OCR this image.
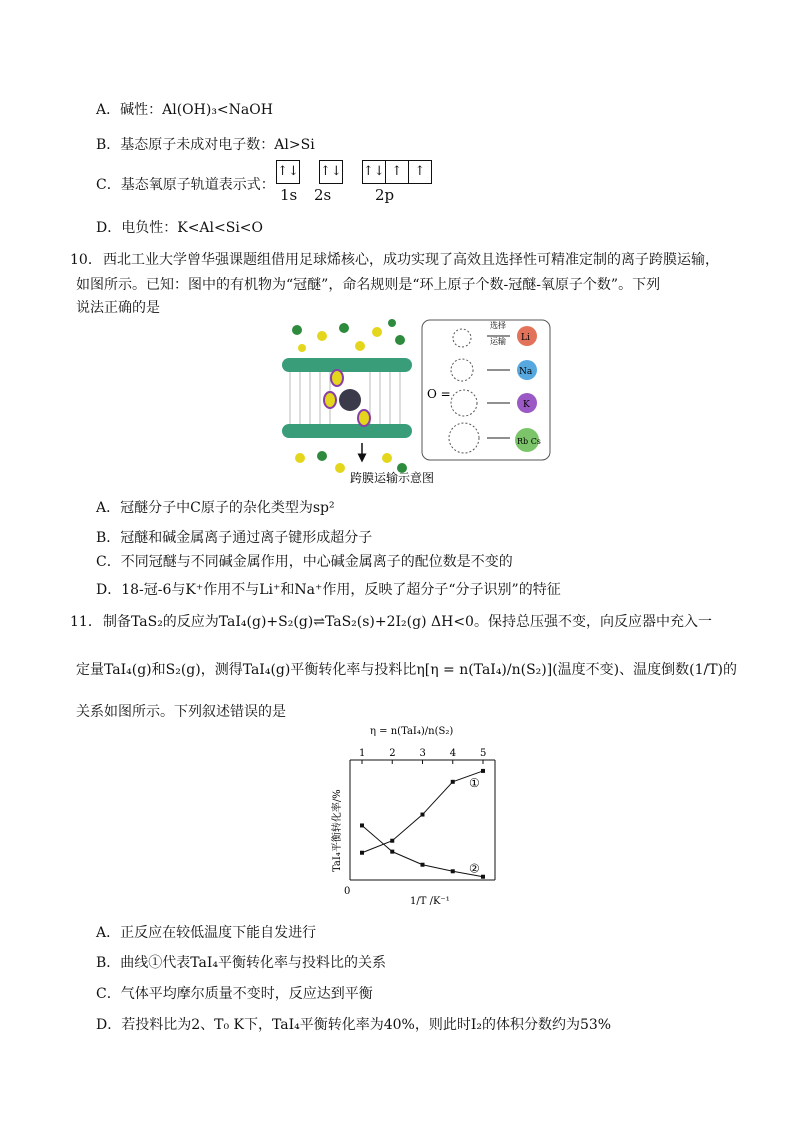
A．碱性：Al(OH)₃<NaOH
B．基态原子未成对电子数：Al>Si
C．基态氧原子轨道表示式：
↑↓ ↑↓ ↑↓ ↑ ↑
1s 2s	2p
D．电负性：K<Al<Si<O
10． 西北工业大学曾华强课题组借用足球烯核心，成功实现了高效且选择性可精准定制的离子跨膜运输，
如图所示。已知：图中的有机物为“冠醚”，命名规则是“环上原子个数-冠醚-氧原子个数”。下列
说法正确的是
O =
选择
运输 Li
Na
K
Rb Cs
跨膜运输示意图
A．冠醚分子中C原子的杂化类型为sp²
B．冠醚和碱金属离子通过离子键形成超分子
C．不同冠醚与不同碱金属作用，中心碱金属离子的配位数是不变的
D．18-冠-6与K⁺作用不与Li⁺和Na⁺作用，反映了超分子“分子识别”的特征
11． 制备TaS₂的反应为TaI₄(g)+S₂(g)⇌TaS₂(s)+2I₂(g) ΔH<0。保持总压强不变，向反应器中充入一
定量TaI₄(g)和S₂(g)，测得TaI₄(g)平衡转化率与投料比η[η = n(TaI₄)/n(S₂)](温度不变)、温度倒数(1/T)的
关系如图所示。下列叙述错误的是
η = n(TaI₄)/n(S₂)
1 2 3 4 5
0
1/T /K⁻¹
TaI₄平衡转化率/%
①
②
A．正反应在较低温度下能自发进行
B．曲线①代表TaI₄平衡转化率与投料比的关系
C．气体平均摩尔质量不变时，反应达到平衡
D．若投料比为2、T₀ K下，TaI₄平衡转化率为40%，则此时I₂的体积分数约为53%
